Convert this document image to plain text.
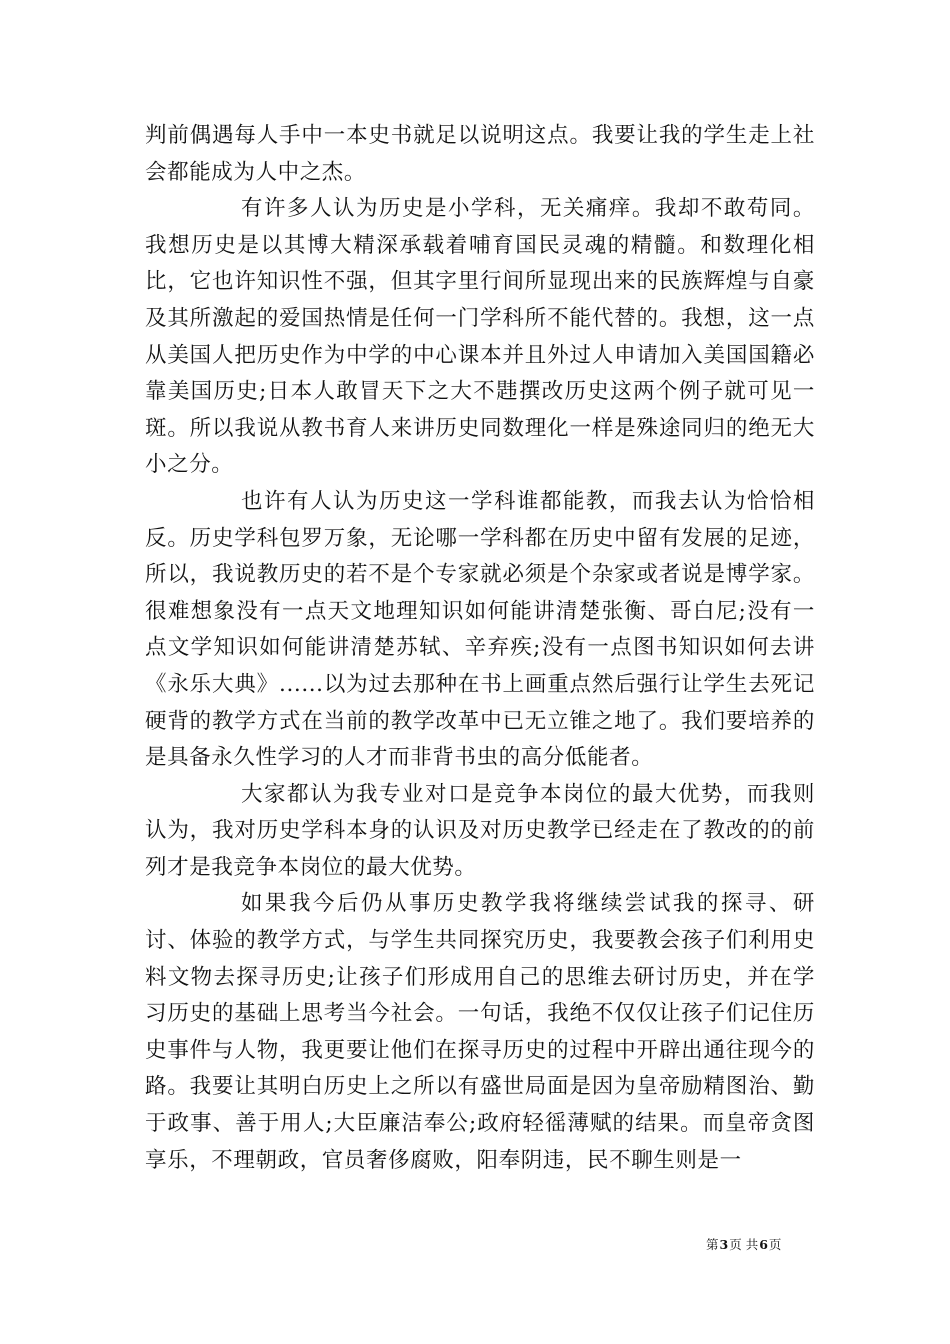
判前偶遇每人手中一本史书就足以说明这点。我要让我的学生走上社会都能成为人中之杰。

有许多人认为历史是小学科，无关痛痒。我却不敢苟同。我想历史是以其博大精深承载着哺育国民灵魂的精髓。和数理化相比，它也许知识性不强，但其字里行间所显现出来的民族辉煌与自豪及其所激起的爱国热情是任何一门学科所不能代替的。我想，这一点从美国人把历史作为中学的中心课本并且外过人申请加入美国国籍必靠美国历史;日本人敢冒天下之大不韪撰改历史这两个例子就可见一斑。所以我说从教书育人来讲历史同数理化一样是殊途同归的绝无大小之分。

也许有人认为历史这一学科谁都能教，而我去认为恰恰相反。历史学科包罗万象，无论哪一学科都在历史中留有发展的足迹，所以，我说教历史的若不是个专家就必须是个杂家或者说是博学家。很难想象没有一点天文地理知识如何能讲清楚张衡、哥白尼;没有一点文学知识如何能讲清楚苏轼、辛弃疾;没有一点图书知识如何去讲《永乐大典》......以为过去那种在书上画重点然后强行让学生去死记硬背的教学方式在当前的教学改革中已无立锥之地了。我们要培养的是具备永久性学习的人才而非背书虫的高分低能者。

大家都认为我专业对口是竞争本岗位的最大优势，而我则认为，我对历史学科本身的认识及对历史教学已经走在了教改的的前列才是我竞争本岗位的最大优势。

如果我今后仍从事历史教学我将继续尝试我的探寻、研讨、体验的教学方式，与学生共同探究历史，我要教会孩子们利用史料文物去探寻历史;让孩子们形成用自己的思维去研讨历史，并在学习历史的基础上思考当今社会。一句话，我绝不仅仅让孩子们记住历史事件与人物，我更要让他们在探寻历史的过程中开辟出通往现今的路。我要让其明白历史上之所以有盛世局面是因为皇帝励精图治、勤于政事、善于用人;大臣廉洁奉公;政府轻徭薄赋的结果。而皇帝贪图享乐，不理朝政，官员奢侈腐败，阳奉阴违，民不聊生则是一

第3页 共6页
